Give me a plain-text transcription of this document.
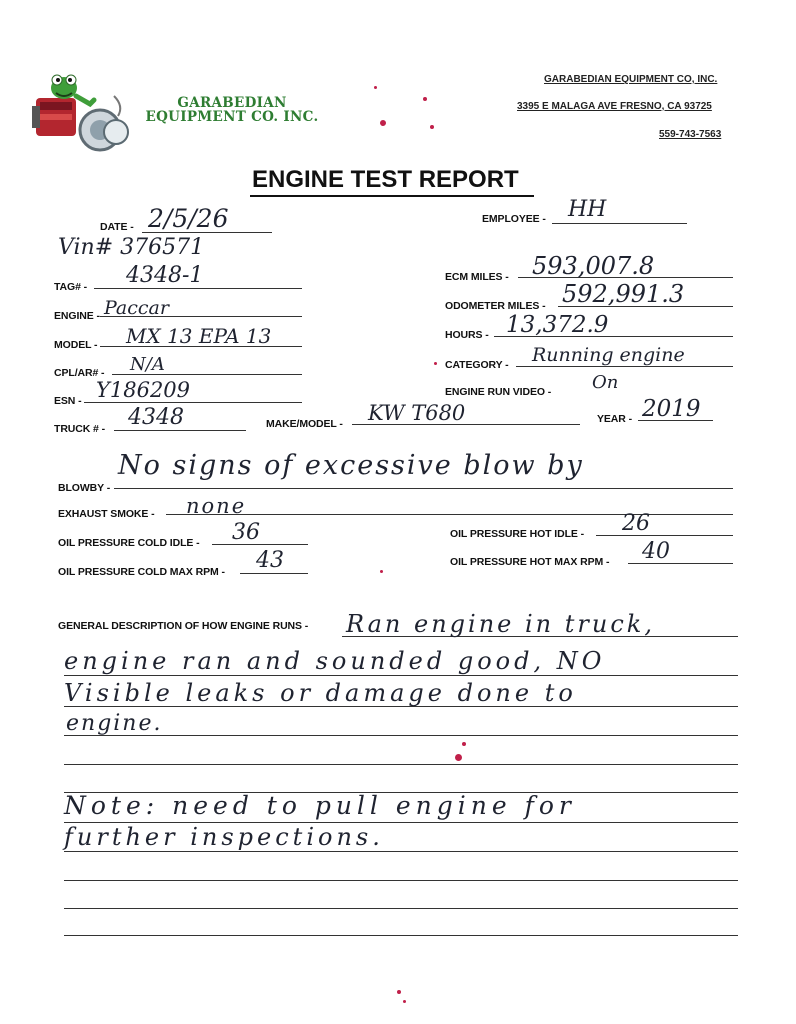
GARABEDIAN
EQUIPMENT CO. INC.
GARABEDIAN EQUIPMENT CO, INC.
3395 E MALAGA AVE FRESNO, CA 93725
559-743-7563
ENGINE TEST REPORT
DATE - 2/5/26	EMPLOYEE - HH
Vin# 376571
TAG# - 4348-1	ECM MILES - 593,007.8
ENGINE - Paccar	ODOMETER MILES - 592,991.3
MODEL - MX 13 EPA 13	HOURS - 13,372.9
CPL/AR# - N/A	CATEGORY - Running engine
ESN - Y186209	ENGINE RUN VIDEO - On
TRUCK # - 4348	MAKE/MODEL - KW T680	YEAR - 2019
BLOWBY -
No signs of excessive blow by
EXHAUST SMOKE - none
OIL PRESSURE COLD IDLE - 36	OIL PRESSURE HOT IDLE - 26
OIL PRESSURE COLD MAX RPM - 43	OIL PRESSURE HOT MAX RPM - 40
GENERAL DESCRIPTION OF HOW ENGINE RUNS - Ran engine in truck,
engine ran and sounded good, NO
Visible leaks or damage done to
engine.
Note: need to pull engine for
further inspections.
